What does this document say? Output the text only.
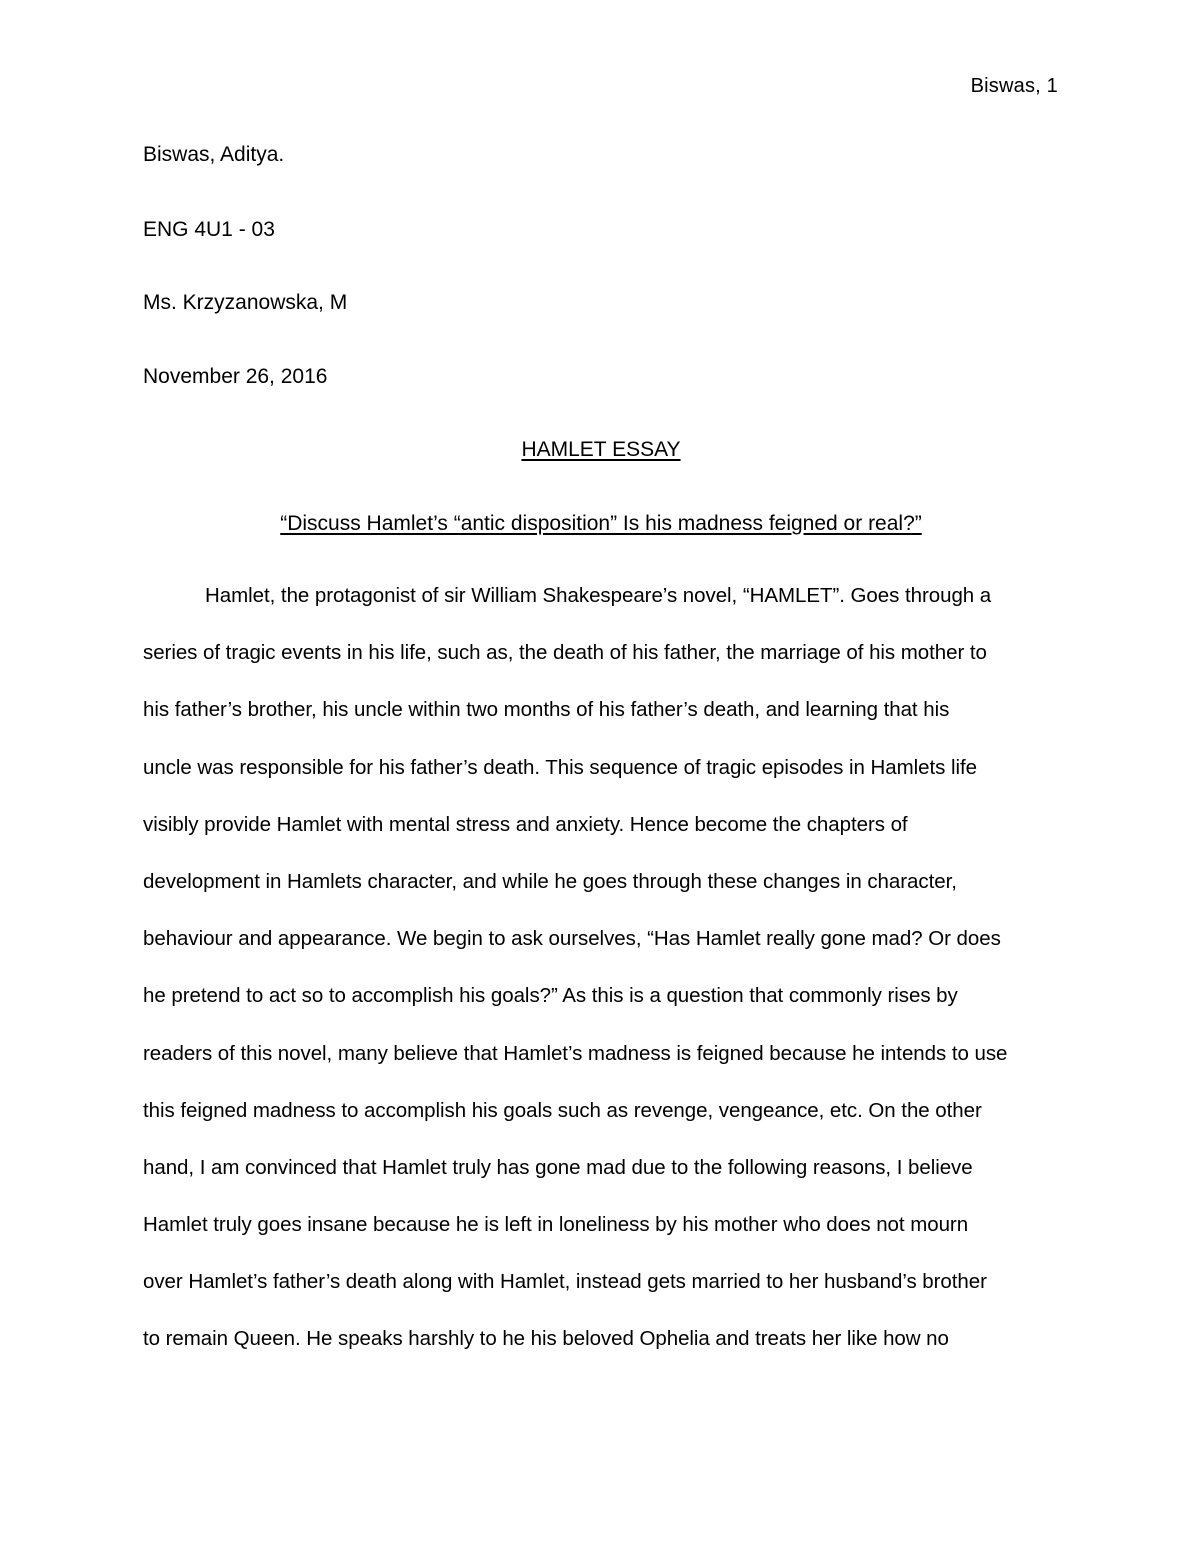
Biswas, 1
Biswas, Aditya.
ENG 4U1 - 03
Ms. Krzyzanowska, M
November 26, 2016
HAMLET ESSAY
“Discuss Hamlet’s “antic disposition” Is his madness feigned or real?”
Hamlet, the protagonist of sir William Shakespeare’s novel, “HAMLET”. Goes through a
series of tragic events in his life, such as, the death of his father, the marriage of his mother to
his father’s brother, his uncle within two months of his father’s death, and learning that his
uncle was responsible for his father’s death. This sequence of tragic episodes in Hamlets life
visibly provide Hamlet with mental stress and anxiety. Hence become the chapters of
development in Hamlets character, and while he goes through these changes in character,
behaviour and appearance. We begin to ask ourselves, “Has Hamlet really gone mad? Or does
he pretend to act so to accomplish his goals?” As this is a question that commonly rises by
readers of this novel, many believe that Hamlet’s madness is feigned because he intends to use
this feigned madness to accomplish his goals such as revenge, vengeance, etc. On the other
hand, I am convinced that Hamlet truly has gone mad due to the following reasons, I believe
Hamlet truly goes insane because he is left in loneliness by his mother who does not mourn
over Hamlet’s father’s death along with Hamlet, instead gets married to her husband’s brother
to remain Queen. He speaks harshly to he his beloved Ophelia and treats her like how no
